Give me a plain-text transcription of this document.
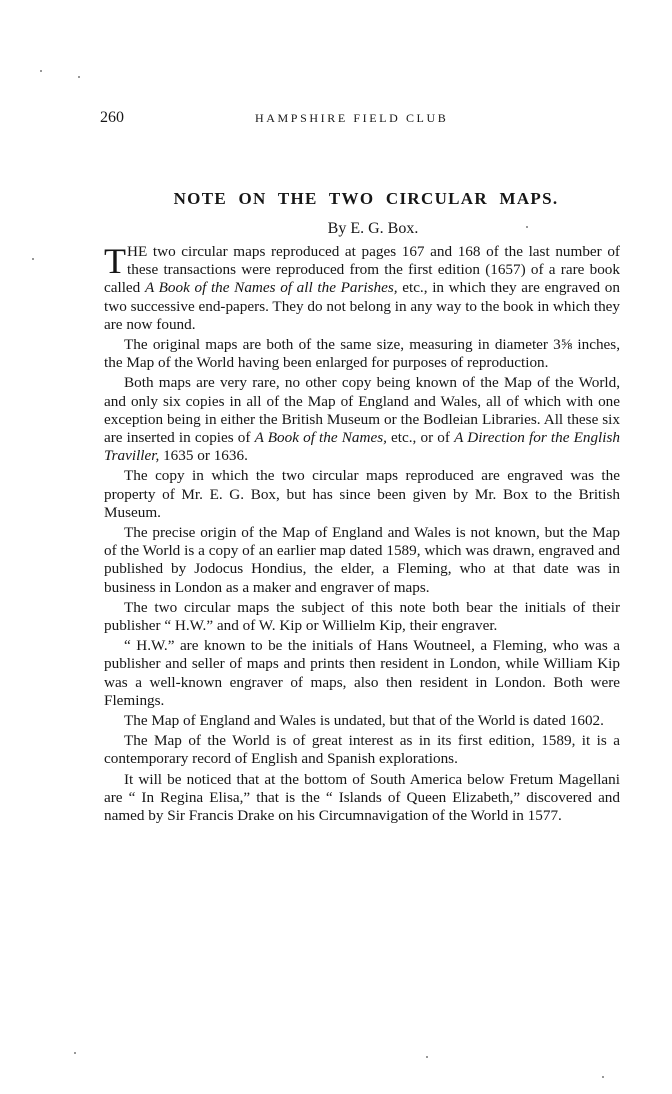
260	HAMPSHIRE FIELD CLUB
NOTE ON THE TWO CIRCULAR MAPS.
By E. G. Box.

THE two circular maps reproduced at pages 167 and 168 of the last number of these transactions were reproduced from the first edition (1657) of a rare book called A Book of the Names of all the Parishes, etc., in which they are engraved on two successive end-papers. They do not belong in any way to the book in which they are now found.

The original maps are both of the same size, measuring in diameter 3⅝ inches, the Map of the World having been enlarged for purposes of reproduction.

Both maps are very rare, no other copy being known of the Map of the World, and only six copies in all of the Map of England and Wales, all of which with one exception being in either the British Museum or the Bodleian Libraries. All these six are inserted in copies of A Book of the Names, etc., or of A Direction for the English Traviller, 1635 or 1636.

The copy in which the two circular maps reproduced are engraved was the property of Mr. E. G. Box, but has since been given by Mr. Box to the British Museum.

The precise origin of the Map of England and Wales is not known, but the Map of the World is a copy of an earlier map dated 1589, which was drawn, engraved and published by Jodocus Hondius, the elder, a Fleming, who at that date was in business in London as a maker and engraver of maps.

The two circular maps the subject of this note both bear the initials of their publisher “ H.W.” and of W. Kip or Willielm Kip, their engraver.

“ H.W.” are known to be the initials of Hans Woutneel, a Fleming, who was a publisher and seller of maps and prints then resident in London, while William Kip was a well-known engraver of maps, also then resident in London. Both were Flemings.

The Map of England and Wales is undated, but that of the World is dated 1602.

The Map of the World is of great interest as in its first edition, 1589, it is a contemporary record of English and Spanish explorations.

It will be noticed that at the bottom of South America below Fretum Magellani are “ In Regina Elisa,” that is the “ Islands of Queen Elizabeth,” discovered and named by Sir Francis Drake on his Circumnavigation of the World in 1577.
